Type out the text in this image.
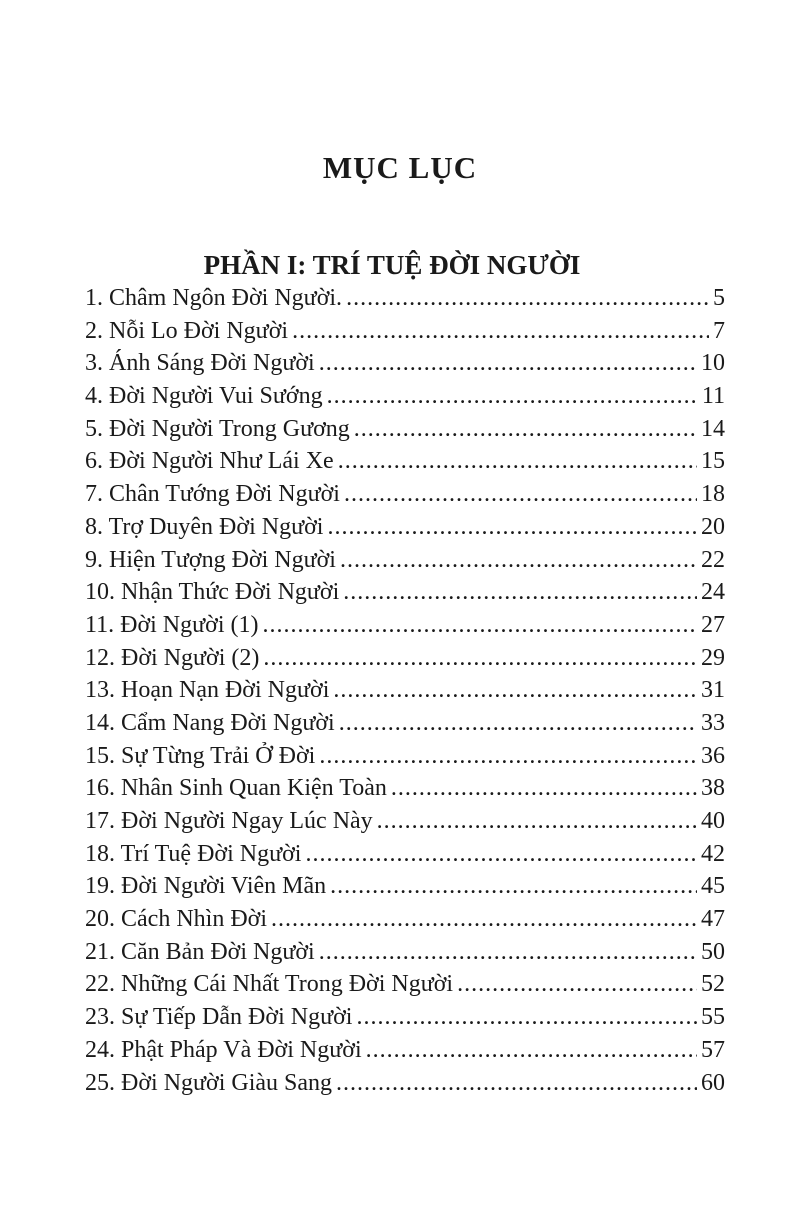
MỤC LỤC
PHẦN I: TRÍ TUỆ ĐỜI NGƯỜI
1. Châm Ngôn Đời Người. .....	5
2. Nỗi Lo Đời Người .....	7
3. Ánh Sáng Đời Người .....	10
4. Đời Người Vui Sướng .....	11
5. Đời Người Trong Gương .....	14
6. Đời Người Như Lái Xe .....	15
7. Chân Tướng Đời Người .....	18
8. Trợ Duyên Đời Người .....	20
9. Hiện Tượng Đời Người .....	22
10. Nhận Thức Đời Người .....	24
11. Đời Người (1) .....	27
12. Đời Người (2) .....	29
13. Hoạn Nạn Đời Người .....	31
14. Cẩm Nang Đời Người .....	33
15. Sự Từng Trải Ở Đời .....	36
16. Nhân Sinh Quan Kiện Toàn .....	38
17. Đời Người Ngay Lúc Này .....	40
18. Trí Tuệ Đời Người .....	42
19. Đời Người Viên Mãn .....	45
20. Cách Nhìn Đời .....	47
21. Căn Bản Đời Người .....	50
22. Những Cái Nhất Trong Đời Người .....	52
23. Sự Tiếp Dẫn Đời Người .....	55
24. Phật Pháp Và Đời Người .....	57
25. Đời Người Giàu Sang .....	60
